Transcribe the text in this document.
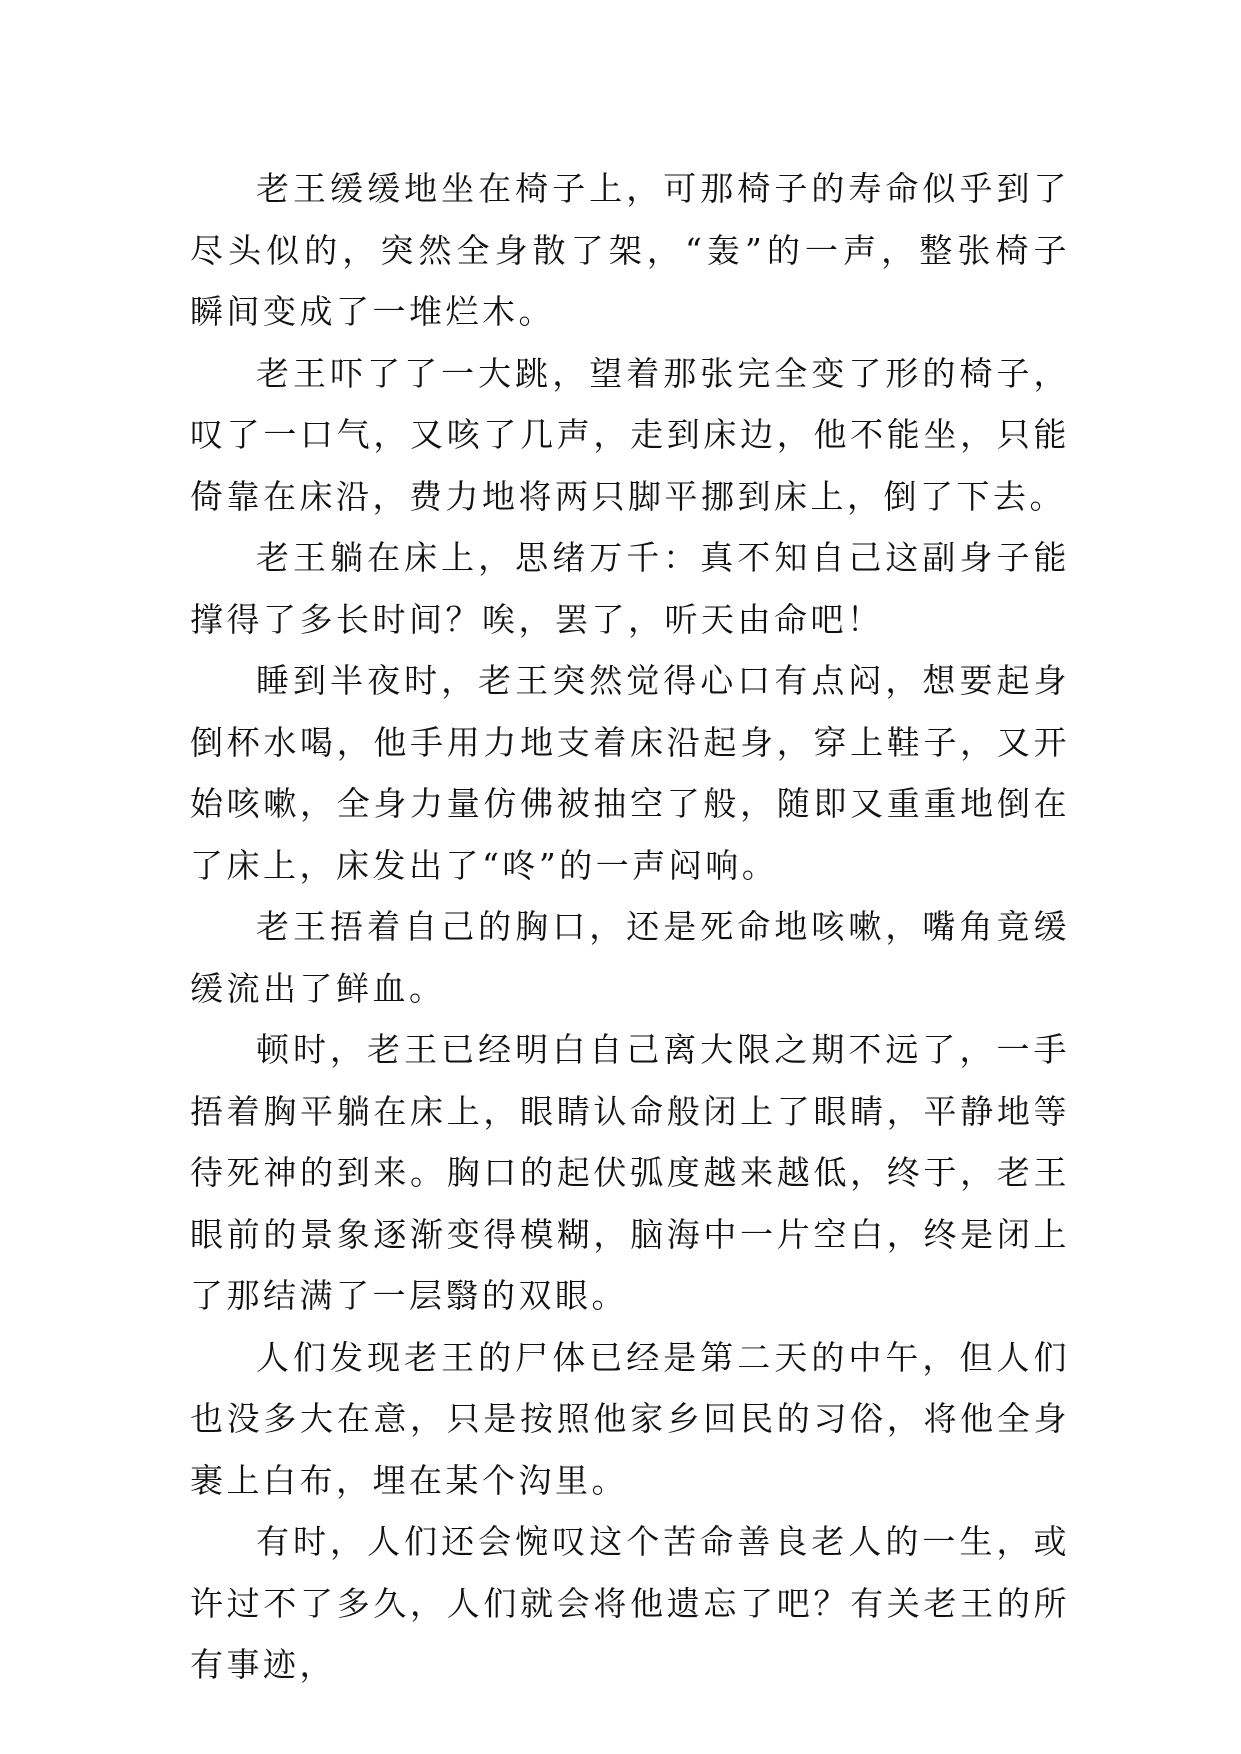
老王缓缓地坐在椅子上，可那椅子的寿命似乎到了尽头似的，突然全身散了架，“轰”的一声，整张椅子瞬间变成了一堆烂木。

老王吓了了一大跳，望着那张完全变了形的椅子，叹了一口气，又咳了几声，走到床边，他不能坐，只能倚靠在床沿，费力地将两只脚平挪到床上，倒了下去。

老王躺在床上，思绪万千：真不知自己这副身子能撑得了多长时间？唉，罢了，听天由命吧！

睡到半夜时，老王突然觉得心口有点闷，想要起身倒杯水喝，他手用力地支着床沿起身，穿上鞋子，又开始咳嗽，全身力量仿佛被抽空了般，随即又重重地倒在了床上，床发出了“咚”的一声闷响。

老王捂着自己的胸口，还是死命地咳嗽，嘴角竟缓缓流出了鲜血。

顿时，老王已经明白自己离大限之期不远了，一手捂着胸平躺在床上，眼睛认命般闭上了眼睛，平静地等待死神的到来。胸口的起伏弧度越来越低，终于，老王眼前的景象逐渐变得模糊，脑海中一片空白，终是闭上了那结满了一层翳的双眼。

人们发现老王的尸体已经是第二天的中午，但人们也没多大在意，只是按照他家乡回民的习俗，将他全身裹上白布，埋在某个沟里。

有时，人们还会惋叹这个苦命善良老人的一生，或许过不了多久，人们就会将他遗忘了吧？有关老王的所有事迹，
